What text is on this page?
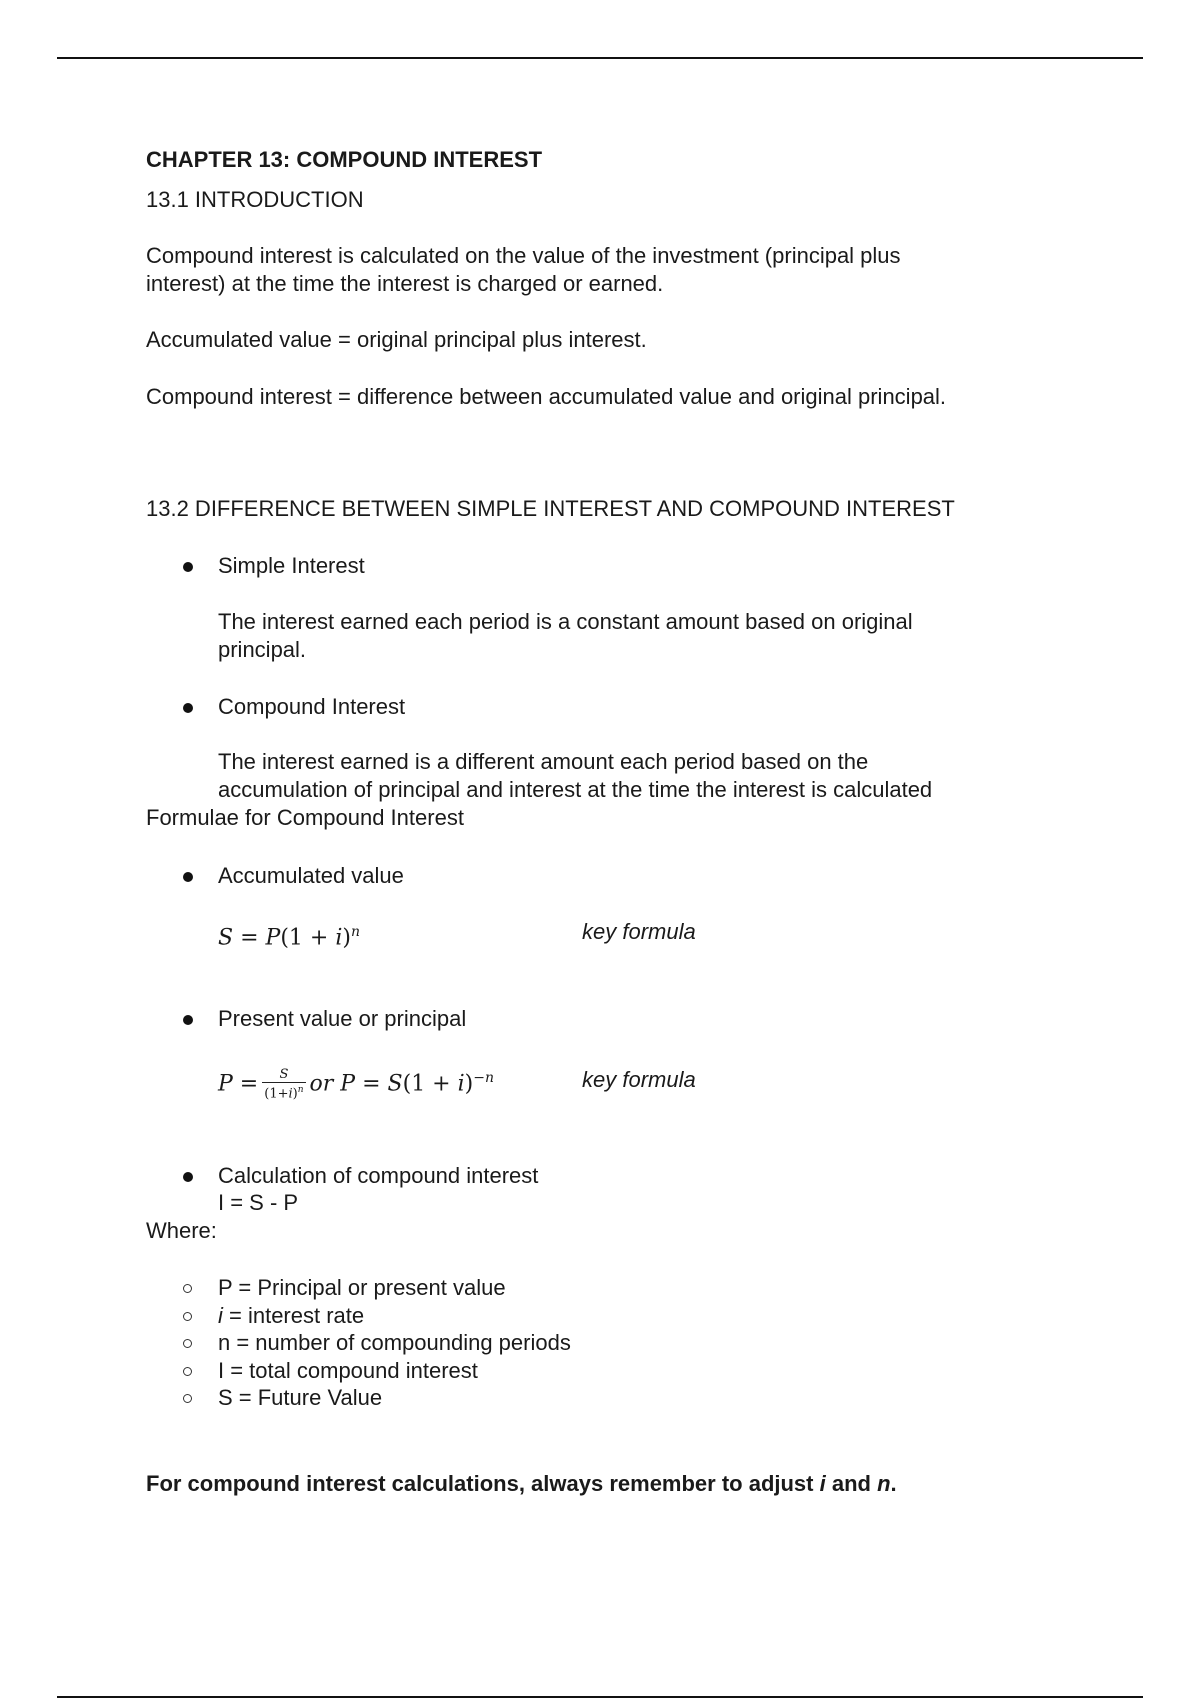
CHAPTER 13: COMPOUND INTEREST
13.1 INTRODUCTION
Compound interest is calculated on the value of the investment (principal plus
interest) at the time the interest is charged or earned.
Accumulated value = original principal plus interest.
Compound interest = difference between accumulated value and original principal.
13.2 DIFFERENCE BETWEEN SIMPLE INTEREST AND COMPOUND INTEREST
Simple Interest
The interest earned each period is a constant amount based on original
principal.
Compound Interest
The interest earned is a different amount each period based on the
accumulation of principal and interest at the time the interest is calculated
Formulae for Compound Interest
Accumulated value
$S = P(1 + i)^n$	key formula
Present value or principal
$P = \frac{S}{(1+i)^n}$ or $P = S(1 + i)^{-n}$	key formula
Calculation of compound interest
I = S - P
Where:
P = Principal or present value
i = interest rate
n = number of compounding periods
I = total compound interest
S = Future Value
For compound interest calculations, always remember to adjust i and n.
